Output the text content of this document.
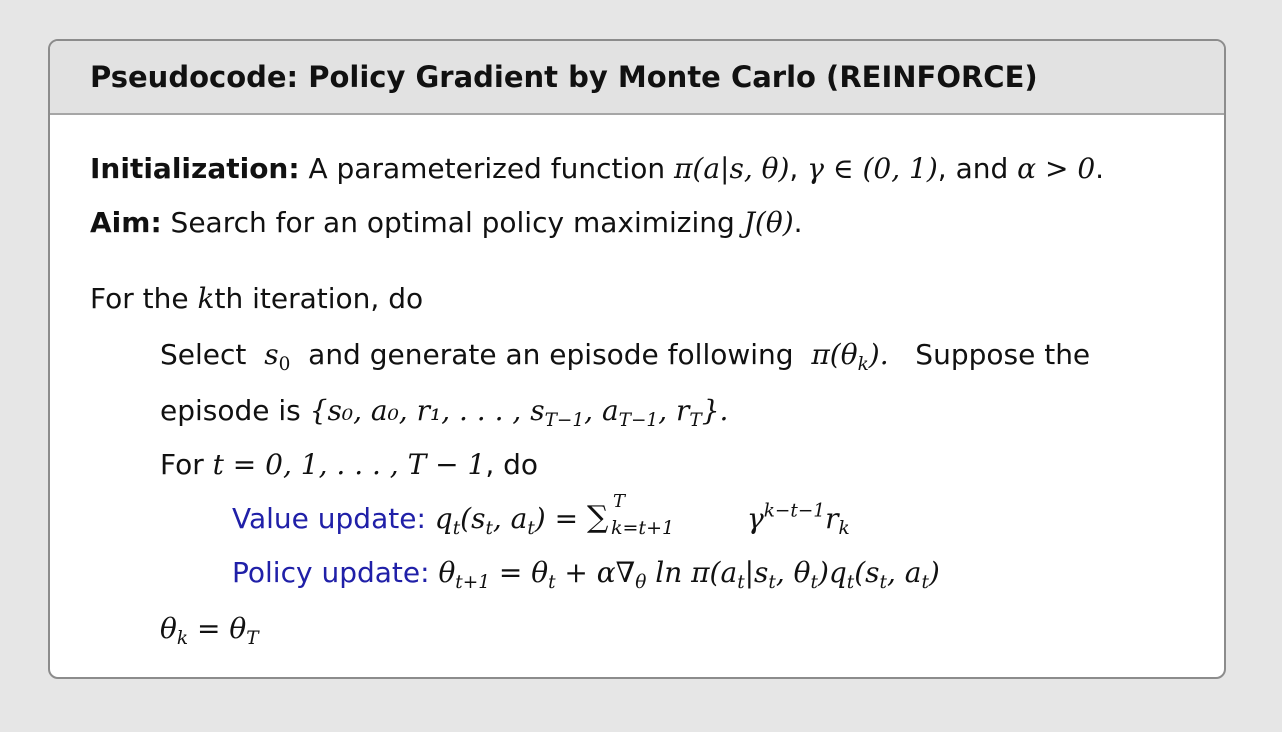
Pseudocode: Policy Gradient by Monte Carlo (REINFORCE)
Initialization: A parameterized function π(a|s, θ), γ ∈ (0, 1), and α > 0.
Aim: Search for an optimal policy maximizing J(θ).
For the kth iteration, do
Select $s_0$ and generate an episode following $\pi(\theta_k)$. Suppose the
episode is {s₀, a₀, r₁, . . . , $s_{T-1}$, $a_{T-1}$, $r_T$}.
For t = 0, 1, . . . , T − 1, do
Value update: $q_t(s_t$, $a_t$) = ∑ T
k=t+1	$\gamma^{k-t-1}r_k$
Policy update: $\theta_{t+1} = \theta_t + \alpha\nabla_\theta$ $\ln \pi(a_t|s_t$, $\theta_t)q_t(s_t$, $a_t$)
$\theta_k = \theta_T$
